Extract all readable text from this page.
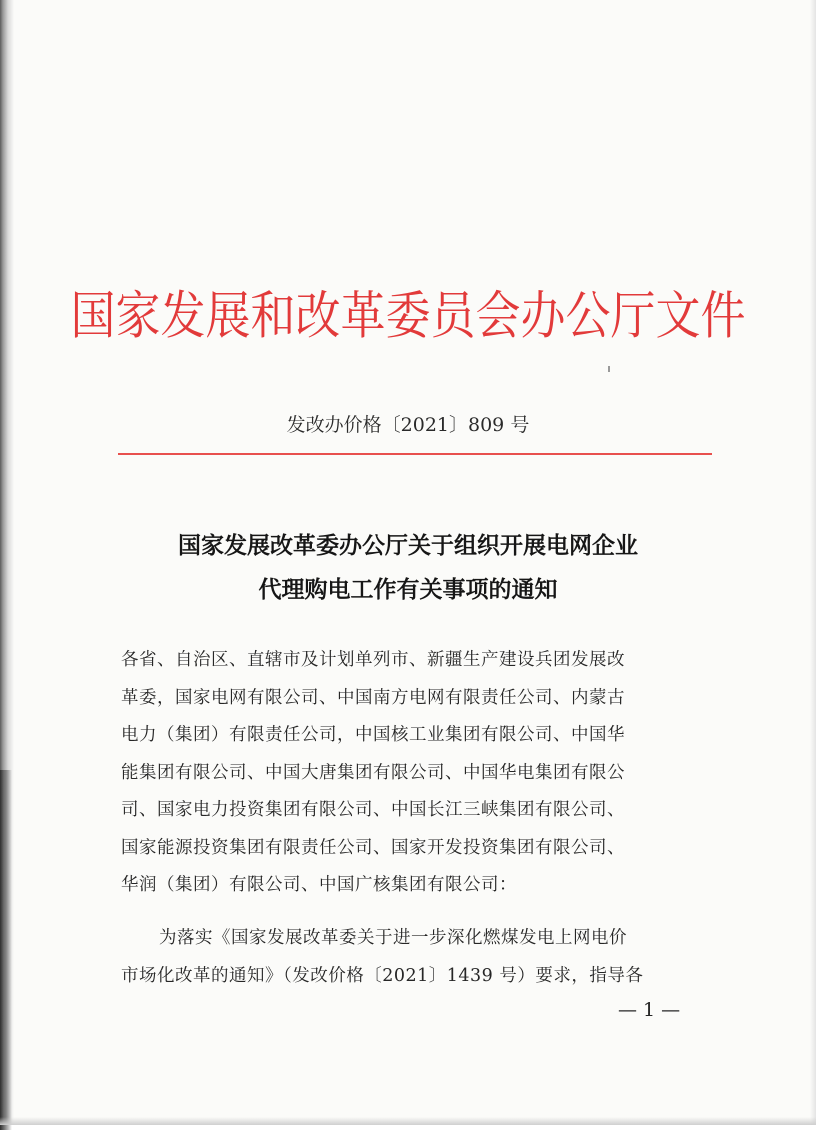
国家发展和改革委员会办公厅文件
发改办价格〔2021〕809 号
国家发展改革委办公厅关于组织开展电网企业
代理购电工作有关事项的通知
各省、自治区、直辖市及计划单列市、新疆生产建设兵团发展改
革委，国家电网有限公司、中国南方电网有限责任公司、内蒙古
电力（集团）有限责任公司，中国核工业集团有限公司、中国华
能集团有限公司、中国大唐集团有限公司、中国华电集团有限公
司、国家电力投资集团有限公司、中国长江三峡集团有限公司、
国家能源投资集团有限责任公司、国家开发投资集团有限公司、
华润（集团）有限公司、中国广核集团有限公司：
为落实《国家发展改革委关于进一步深化燃煤发电上网电价
市场化改革的通知》（发改价格〔2021〕1439 号）要求，指导各
— 1 —
